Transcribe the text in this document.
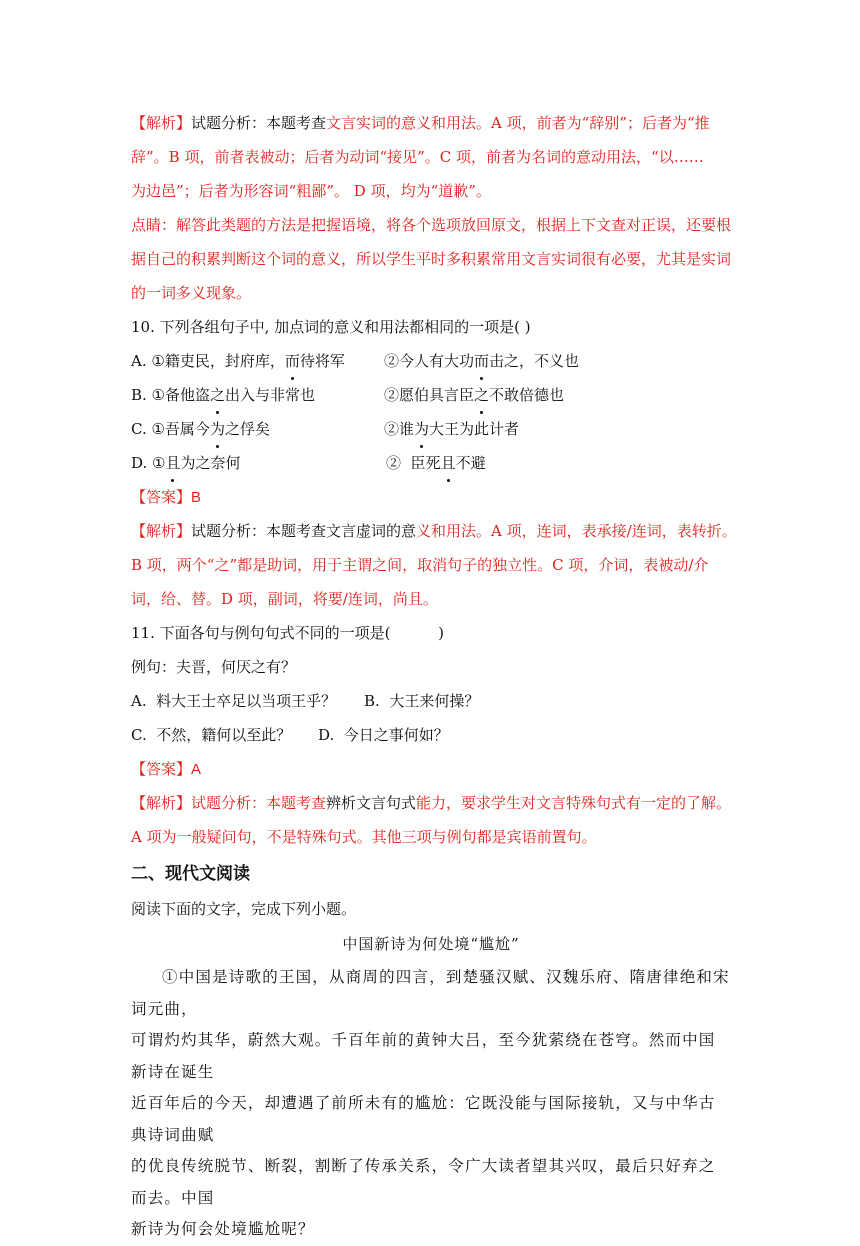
【解析】试题分析：本题考查文言实词的意义和用法。A 项，前者为“辞别”；后者为“推
辞”。B 项，前者表被动；后者为动词“接见”。C 项，前者为名词的意动用法，“以……
为边邑”；后者为形容词“粗鄙”。 D 项，均为“道歉”。
点睛：解答此类题的方法是把握语境，将各个选项放回原文，根据上下文查对正误，还要根
据自己的积累判断这个词的意义，所以学生平时多积累常用文言实词很有必要，尤其是实词
的一词多义现象。
10. 下列各组句子中, 加点词的意义和用法都相同的一项是( )
A. ①籍吏民，封府库，而待将军	②今人有大功而击之，不义也
B. ①备他盗之出入与非常也	②愿伯具言臣之不敢倍德也
C. ①吾属今为之俘矣	②谁为大王为此计者
D. ①且为之奈何	②  臣死且不避
【答案】B
【解析】试题分析：本题考查文言虚词的意义和用法。A 项，连词，表承接/连词，表转折。
B 项，两个“之”都是助词，用于主谓之间，取消句子的独立性。C 项，介词，表被动/介
词，给、替。D 项，副词，将要/连词，尚且。
11. 下面各句与例句句式不同的一项是(          )
例句：夫晋，何厌之有？
A.  料大王士卒足以当项王乎？ B.  大王来何操？
C.  不然，籍何以至此？ D.  今日之事何如？
【答案】A
【解析】试题分析：本题考查辨析文言句式能力，要求学生对文言特殊句式有一定的了解。
A 项为一般疑问句，不是特殊句式。其他三项与例句都是宾语前置句。
二、现代文阅读
阅读下面的文字，完成下列小题。
中国新诗为何处境“尴尬”
①中国是诗歌的王国，从商周的四言，到楚骚汉赋、汉魏乐府、隋唐律绝和宋词元曲，
可谓灼灼其华，蔚然大观。千百年前的黄钟大吕，至今犹萦绕在苍穹。然而中国新诗在诞生
近百年后的今天，却遭遇了前所未有的尴尬：它既没能与国际接轨，又与中华古典诗词曲赋
的优良传统脱节、断裂，割断了传承关系，令广大读者望其兴叹，最后只好弃之而去。中国
新诗为何会处境尴尬呢？
